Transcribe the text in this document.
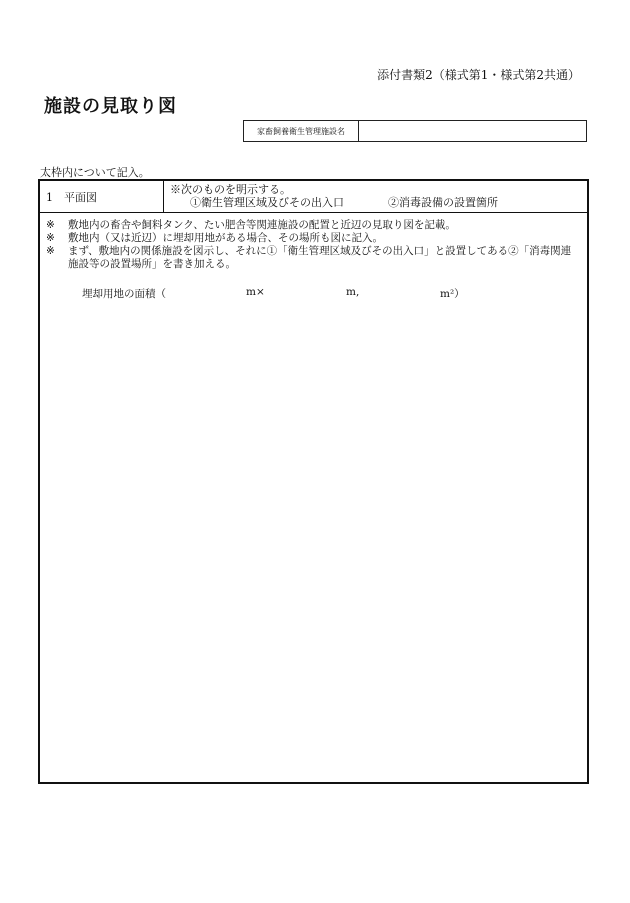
添付書類2（様式第1・様式第2共通）
施設の見取り図
家畜飼養衛生管理施設名
太枠内について記入。
1　平面図
※次のものを明示する。
①衛生管理区域及びその出入口	②消毒設備の設置箇所
※	敷地内の畜舎や飼料タンク、たい肥舎等関連施設の配置と近辺の見取り図を記載。
※	敷地内（又は近辺）に埋却用地がある場合、その場所も図に記入。
※	まず、敷地内の関係施設を図示し、それに①「衛生管理区域及びその出入口」と設置してある②「消毒関連施設等の設置場所」を書き加える。
埋却用地の面積（	m×	m,	m²）
